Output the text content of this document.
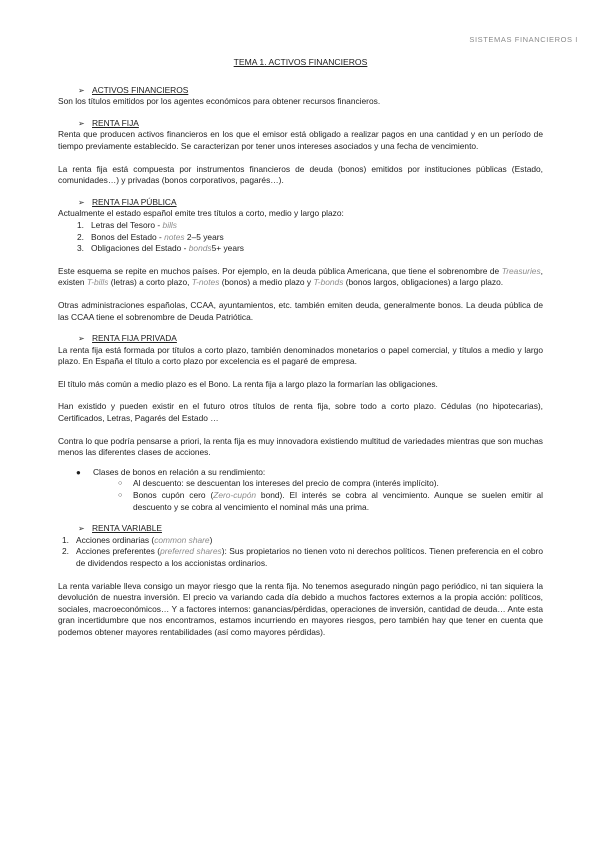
SISTEMAS FINANCIEROS I
TEMA 1. ACTIVOS FINANCIEROS
➢ ACTIVOS FINANCIEROS

Son los títulos emitidos por los agentes económicos para obtener recursos financieros.

➢ RENTA FIJA

Renta que producen activos financieros en los que el emisor está obligado a realizar pagos en una cantidad y en un período de tiempo previamente establecido. Se caracterizan por tener unos intereses asociados y una fecha de vencimiento.

La renta fija está compuesta por instrumentos financieros de deuda (bonos) emitidos por instituciones públicas (Estado, comunidades…) y privadas (bonos corporativos, pagarés…).

➢ RENTA FIJA PÚBLICA

Actualmente el estado español emite tres títulos a corto, medio y largo plazo:

1. Letras del Tesoro - bills
2. Bonos del Estado - notes 2–5 years
3. Obligaciones del Estado - bonds5+ years

Este esquema se repite en muchos países. Por ejemplo, en la deuda pública Americana, que tiene el sobrenombre de Treasuries, existen T-bills (letras) a corto plazo, T-notes (bonos) a medio plazo y T-bonds (bonos largos, obligaciones) a largo plazo.

Otras administraciones españolas, CCAA, ayuntamientos, etc. también emiten deuda, generalmente bonos. La deuda pública de las CCAA tiene el sobrenombre de Deuda Patriótica.

➢ RENTA FIJA PRIVADA

La renta fija está formada por títulos a corto plazo, también denominados monetarios o papel comercial, y títulos a medio y largo plazo. En España el título a corto plazo por excelencia es el pagaré de empresa.

El título más común a medio plazo es el Bono. La renta fija a largo plazo la formarían las obligaciones.

Han existido y pueden existir en el futuro otros títulos de renta fija, sobre todo a corto plazo. Cédulas (no hipotecarias), Certificados, Letras, Pagarés del Estado …

Contra lo que podría pensarse a priori, la renta fija es muy innovadora existiendo multitud de variedades mientras que son muchas menos las diferentes clases de acciones.

●	Clases de bonos en relación a su rendimiento:
○	Al descuento: se descuentan los intereses del precio de compra (interés implícito).
○	Bonos cupón cero (Zero-cupón bond). El interés se cobra al vencimiento. Aunque se suelen emitir al descuento y se cobra al vencimiento el nominal más una prima.

➢ RENTA VARIABLE
1. Acciones ordinarias (common share)
2. Acciones preferentes (preferred shares): Sus propietarios no tienen voto ni derechos políticos. Tienen preferencia en el cobro de dividendos respecto a los accionistas ordinarios.

La renta variable lleva consigo un mayor riesgo que la renta fija. No tenemos asegurado ningún pago periódico, ni tan siquiera la devolución de nuestra inversión. El precio va variando cada día debido a muchos factores externos a la propia acción: políticos, sociales, macroeconómicos… Y a factores internos: ganancias/pérdidas, operaciones de inversión, cantidad de deuda… Ante esta gran incertidumbre que nos encontramos, estamos incurriendo en mayores riesgos, pero también hay que tener en cuenta que podemos obtener mayores rentabilidades (así como mayores pérdidas).
